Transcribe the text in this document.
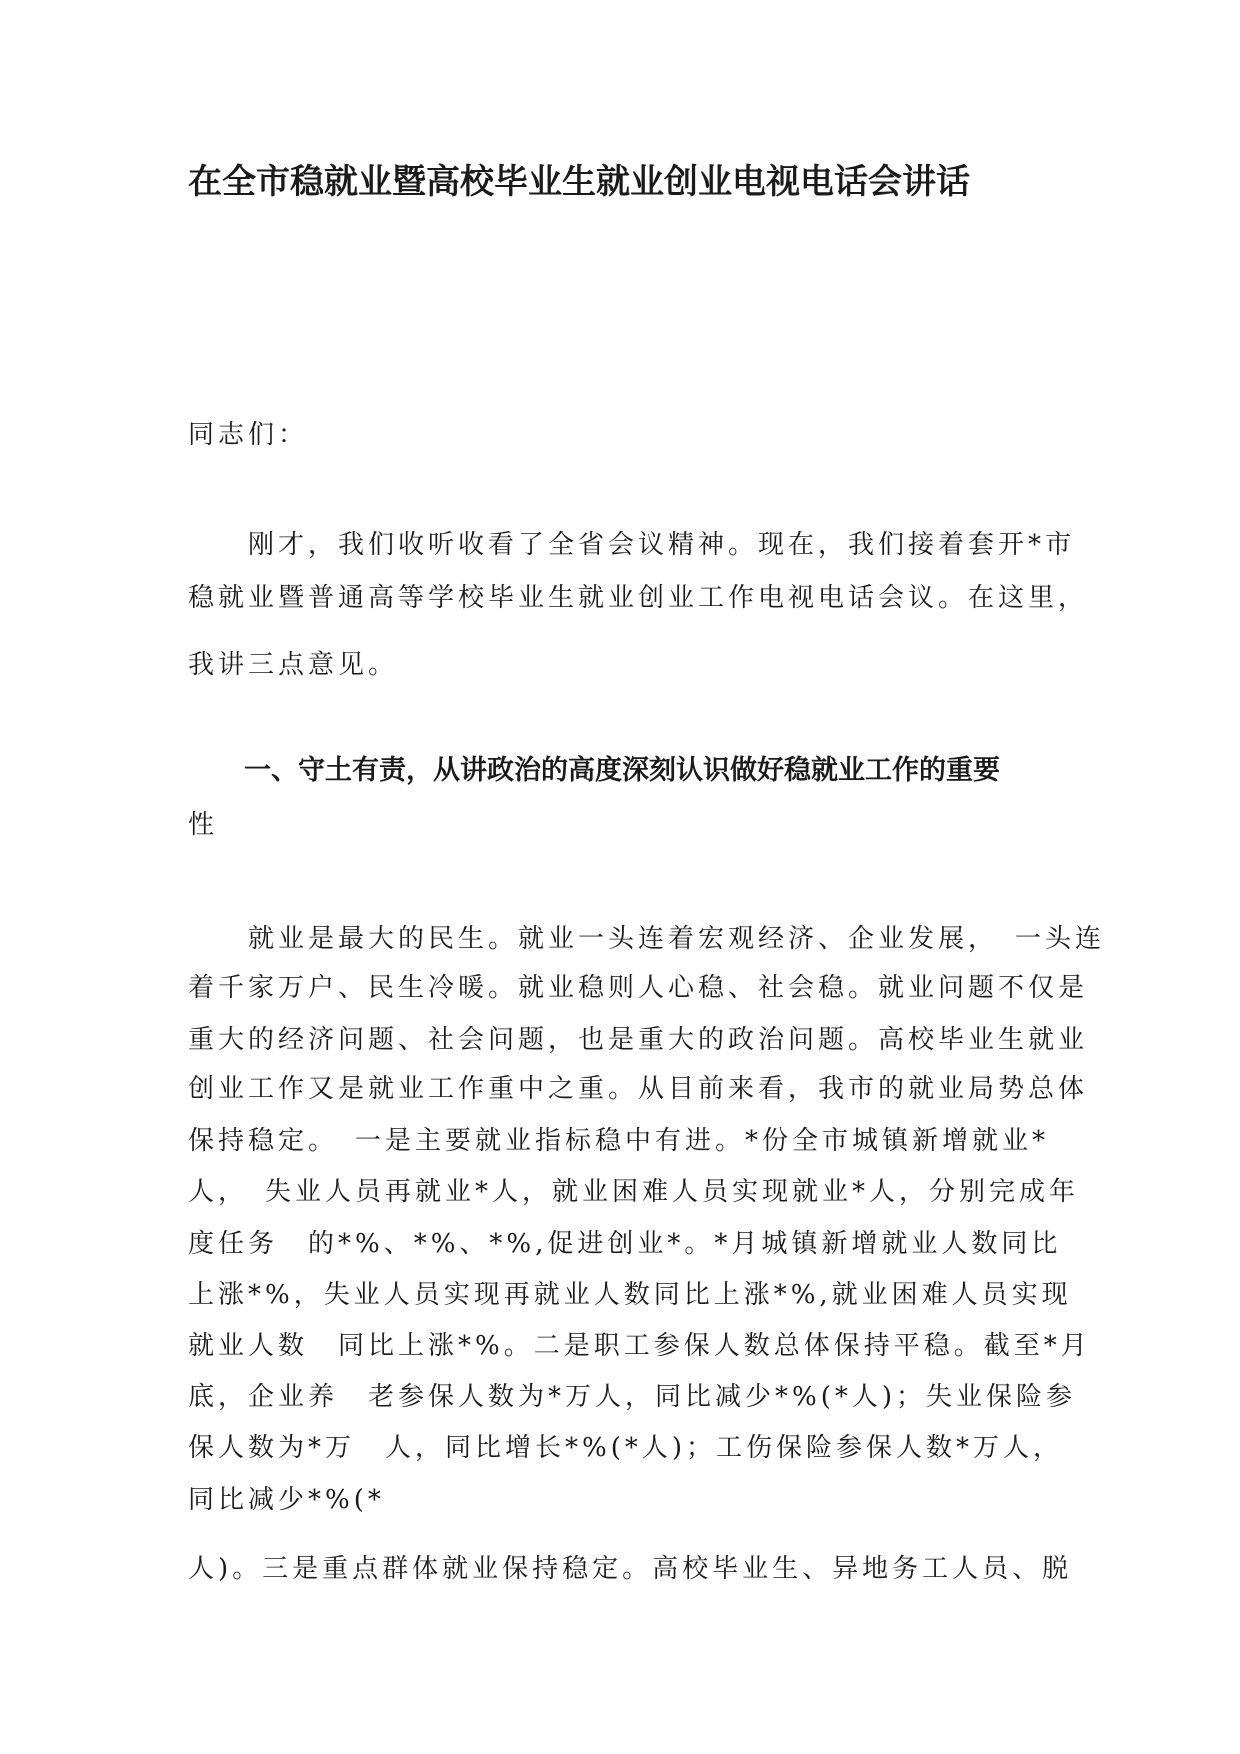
在全市稳就业暨高校毕业生就业创业电视电话会讲话
同志们：
刚才，我们收听收看了全省会议精神。现在，我们接着套开*市
稳就业暨普通高等学校毕业生就业创业工作电视电话会议。在这里，
我讲三点意见。
一、守土有责，从讲政治的高度深刻认识做好稳就业工作的重要
性
就业是最大的民生。就业一头连着宏观经济、企业发展，　一头连
着千家万户、民生冷暖。就业稳则人心稳、社会稳。就业问题不仅是
重大的经济问题、社会问题，也是重大的政治问题。高校毕业生就业
创业工作又是就业工作重中之重。从目前来看，我市的就业局势总体
保持稳定。　一是主要就业指标稳中有进。*份全市城镇新增就业*
人，　失业人员再就业*人，就业困难人员实现就业*人，分别完成年
度任务　的*%、*%、*%,促进创业*。*月城镇新增就业人数同比
上涨*%，失业人员实现再就业人数同比上涨*%,就业困难人员实现
就业人数　同比上涨*%。二是职工参保人数总体保持平稳。截至*月
底，企业养　老参保人数为*万人，同比减少*%(*人)；失业保险参
保人数为*万　人，同比增长*%(*人)；工伤保险参保人数*万人，
同比减少*%(*
人)。三是重点群体就业保持稳定。高校毕业生、异地务工人员、脱
